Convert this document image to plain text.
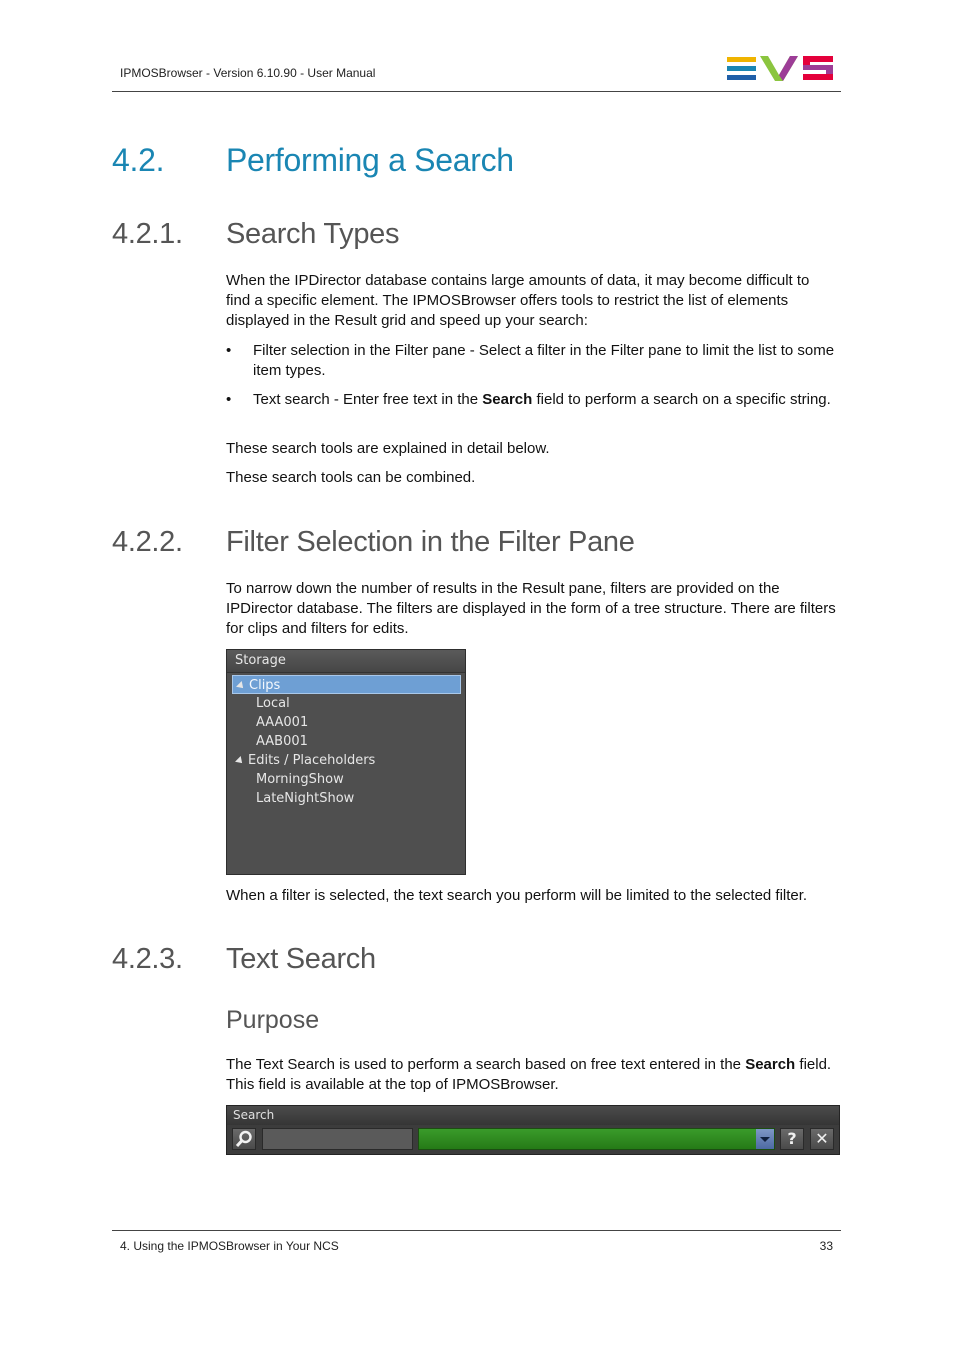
IPMOSBrowser - Version 6.10.90 - User Manual
4.2. Performing a Search
4.2.1. Search Types

When the IPDirector database contains large amounts of data, it may become difficult to find a specific element. The IPMOSBrowser offers tools to restrict the list of elements displayed in the Result grid and speed up your search:

• Filter selection in the Filter pane - Select a filter in the Filter pane to limit the list to some item types.
• Text search - Enter free text in the Search field to perform a search on a specific string.

These search tools are explained in detail below.

These search tools can be combined.

4.2.2. Filter Selection in the Filter Pane

To narrow down the number of results in the Result pane, filters are provided on the IPDirector database. The filters are displayed in the form of a tree structure. There are filters for clips and filters for edits.

Storage
Clips
Local
AAA001
AAB001
Edits / Placeholders
MorningShow
LateNightShow

When a filter is selected, the text search you perform will be limited to the selected filter.

4.2.3. Text Search
Purpose

The Text Search is used to perform a search based on free text entered in the Search field. This field is available at the top of IPMOSBrowser.

Search
?	✕
4. Using the IPMOSBrowser in Your NCS	33
